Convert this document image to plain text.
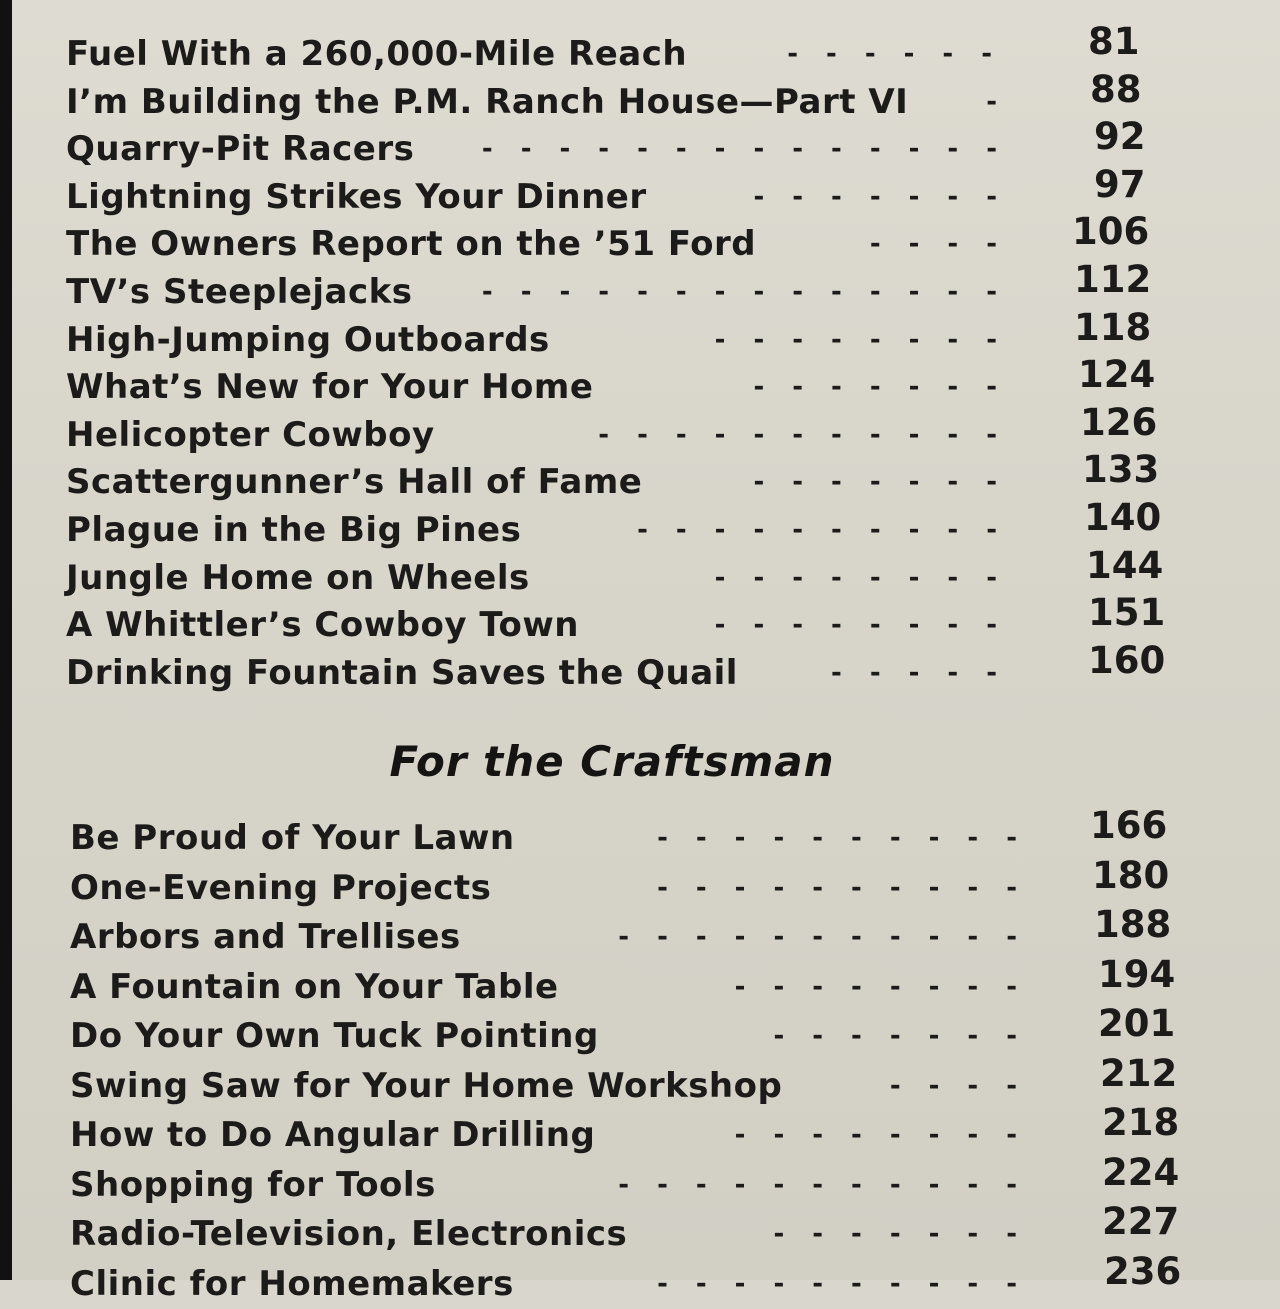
Fuel With a 260,000-Mile Reach	------ 81
I’m Building the P.M. Ranch House—Part VI	- 88
Quarry-Pit Racers	-------------- 92
Lightning Strikes Your Dinner	------- 97
The Owners Report on the ’51 Ford	---- 106
TV’s Steeplejacks	-------------- 112
High-Jumping Outboards	-------- 118
What’s New for Your Home	------- 124
Helicopter Cowboy	----------- 126
Scattergunner’s Hall of Fame	------- 133
Plague in the Big Pines	---------- 140
Jungle Home on Wheels	-------- 144
A Whittler’s Cowboy Town	-------- 151
Drinking Fountain Saves the Quail	----- 160
For the Craftsman
Be Proud of Your Lawn	---------- 166
One-Evening Projects	---------- 180
Arbors and Trellises	----------- 188
A Fountain on Your Table	-------- 194
Do Your Own Tuck Pointing	------- 201
Swing Saw for Your Home Workshop	---- 212
How to Do Angular Drilling	-------- 218
Shopping for Tools	----------- 224
Radio-Television, Electronics	------- 227
Clinic for Homemakers	---------- 236
